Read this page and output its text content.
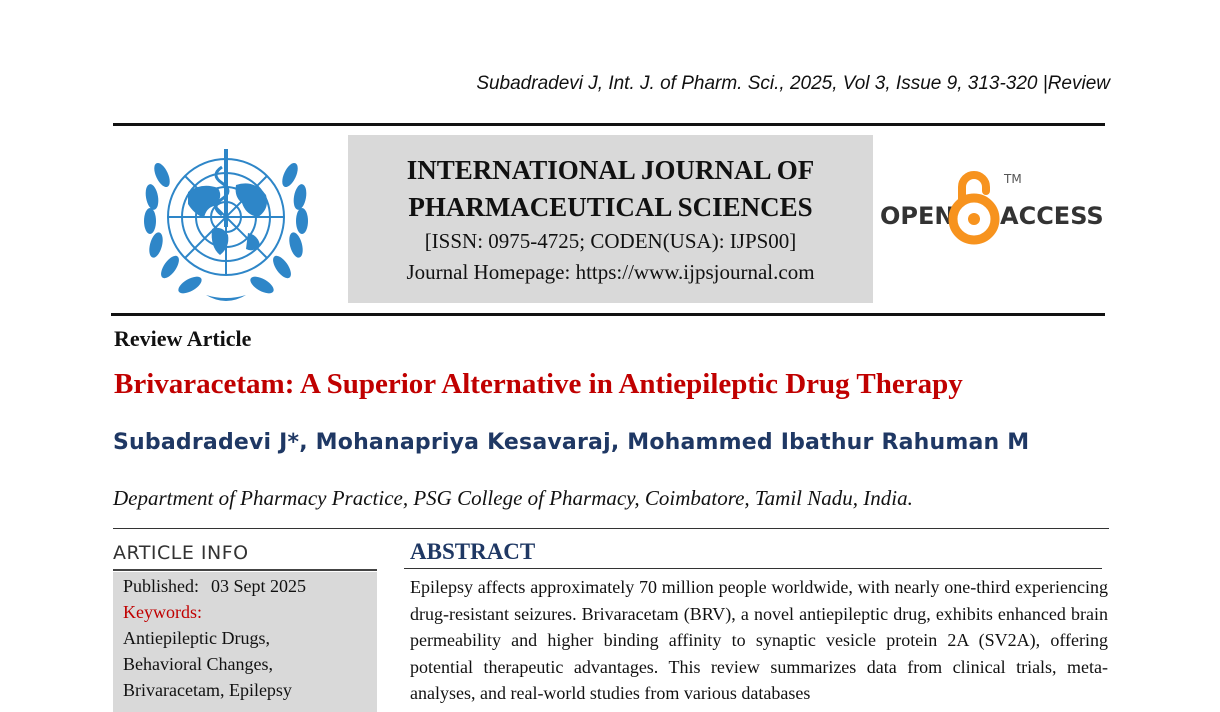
Subadradevi J, Int. J. of Pharm. Sci., 2025, Vol 3, Issue 9, 313-320 |Review
INTERNATIONAL JOURNAL OF
PHARMACEUTICAL SCIENCES
[ISSN: 0975-4725; CODEN(USA): IJPS00]
Journal Homepage: https://www.ijpsjournal.com
OPEN ACCESS
TM
Review Article
Brivaracetam: A Superior Alternative in Antiepileptic Drug Therapy
Subadradevi J*, Mohanapriya Kesavaraj, Mohammed Ibathur Rahuman M
Department of Pharmacy Practice, PSG College of Pharmacy, Coimbatore, Tamil Nadu, India.
ARTICLE INFO
Published: 03 Sept 2025
Keywords:
Antiepileptic Drugs,
Behavioral Changes,
Brivaracetam, Epilepsy
ABSTRACT
Epilepsy affects approximately 70 million people worldwide, with nearly one-third experiencing drug-resistant seizures. Brivaracetam (BRV), a novel antiepileptic drug, exhibits enhanced brain permeability and higher binding affinity to synaptic vesicle protein 2A (SV2A), offering potential therapeutic advantages. This review summarizes data from clinical trials, meta-analyses, and real-world studies from various databases
